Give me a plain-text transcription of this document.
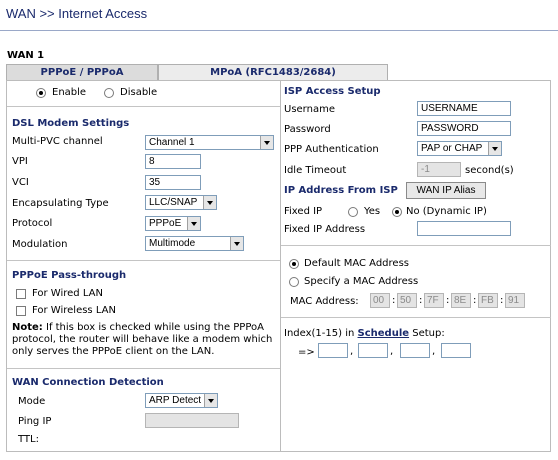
WAN >> Internet Access
WAN 1
PPPoE / PPPoA	MPoA (RFC1483/2684)
Enable	Disable
DSL Modem Settings
Multi-PVC channel	Channel 1
VPI	8
VCI	35
Encapsulating Type	LLC/SNAP
Protocol	PPPoE
Modulation	Multimode
PPPoE Pass-through
For Wired LAN
For Wireless LAN
Note: If this box is checked while using the PPPoA protocol, the router will behave like a modem which only serves the PPPoE client on the LAN.
WAN Connection Detection
Mode	ARP Detect
Ping IP
TTL:
ISP Access Setup
Username	USERNAME
Password	PASSWORD
PPP Authentication	PAP or CHAP
Idle Timeout	-1	second(s)
IP Address From ISP	WAN IP Alias
Fixed IP	Yes	No (Dynamic IP)
Fixed IP Address
Default MAC Address
Specify a MAC Address
MAC Address:	00 : 50 : 7F : 8E : FB : 91
Index(1-15) in Schedule Setup:
=>	,	,	,
